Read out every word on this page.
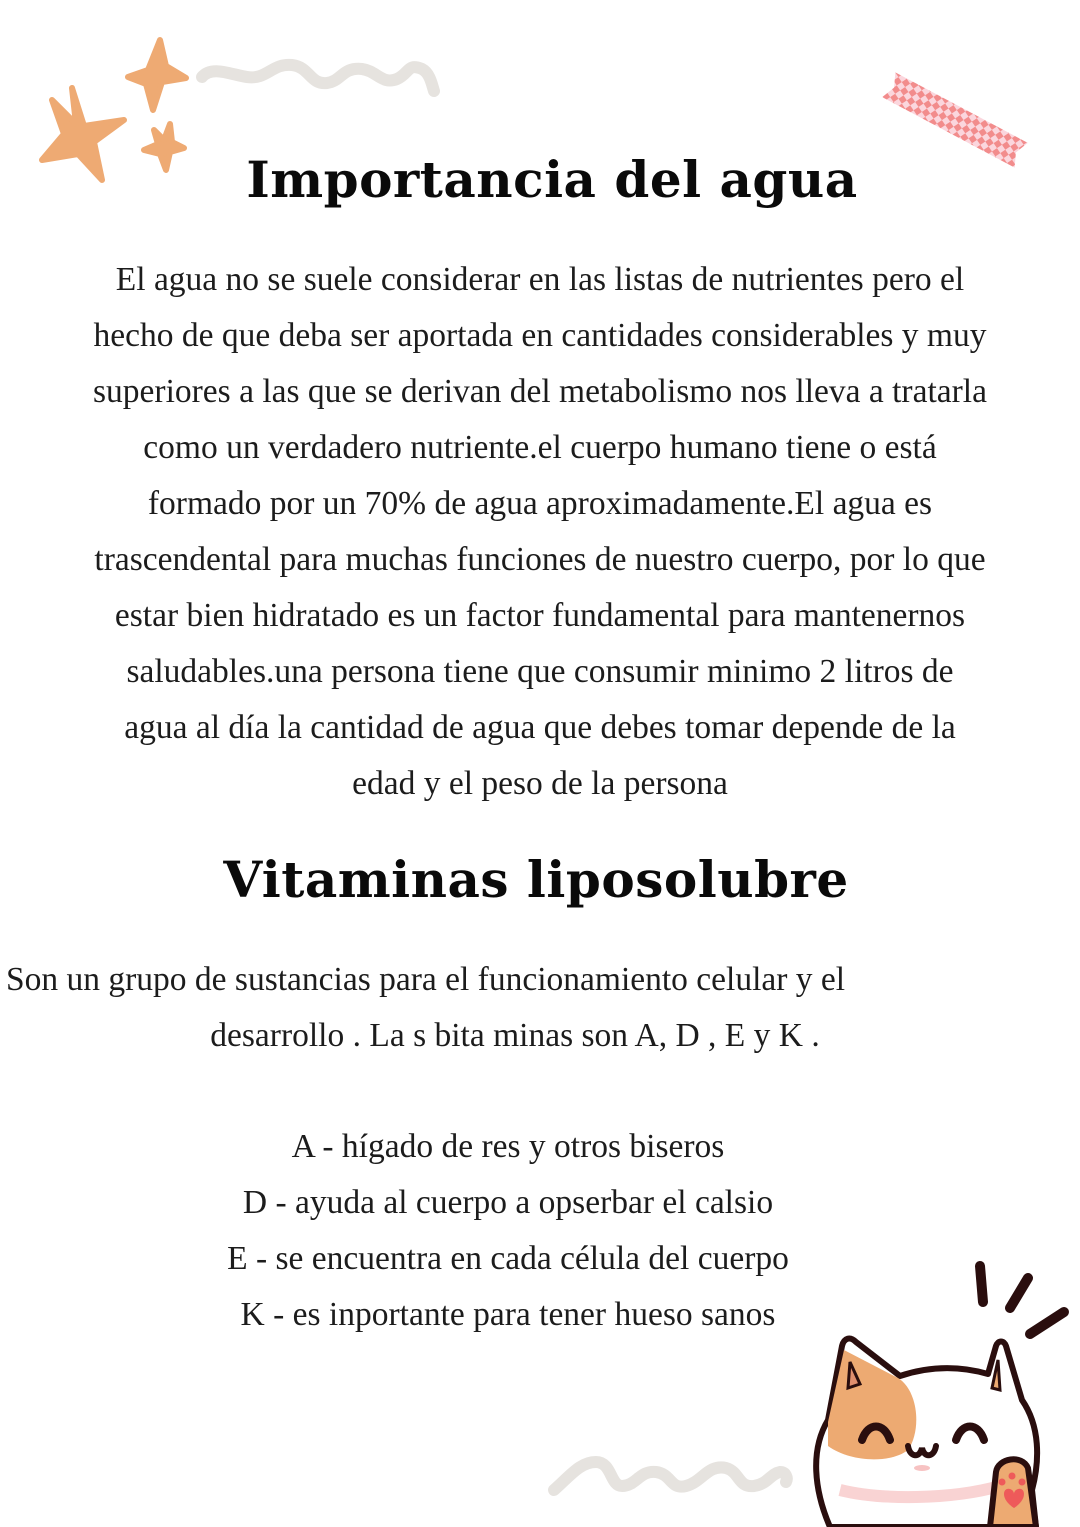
Importancia del agua

El agua no se suele considerar en las listas de nutrientes pero el
hecho de que deba ser aportada en cantidades considerables y muy
superiores a las que se derivan del metabolismo nos lleva a tratarla
como un verdadero nutriente.el cuerpo humano tiene o está
formado por un 70% de agua aproximadamente.El agua es
trascendental para muchas funciones de nuestro cuerpo, por lo que
estar bien hidratado es un factor fundamental para mantenernos
saludables.una persona tiene que consumir minimo 2 litros de
agua al día la cantidad de agua que debes tomar depende de la
edad y el peso de la persona

Vitaminas liposolubre

Son un grupo de sustancias para el funcionamiento celular y el
desarrollo . La s bita minas son A, D , E y K .

A - hígado de res y otros biseros
D - ayuda al cuerpo a opserbar el calsio
E - se encuentra en cada célula del cuerpo
K - es inportante para tener hueso sanos
